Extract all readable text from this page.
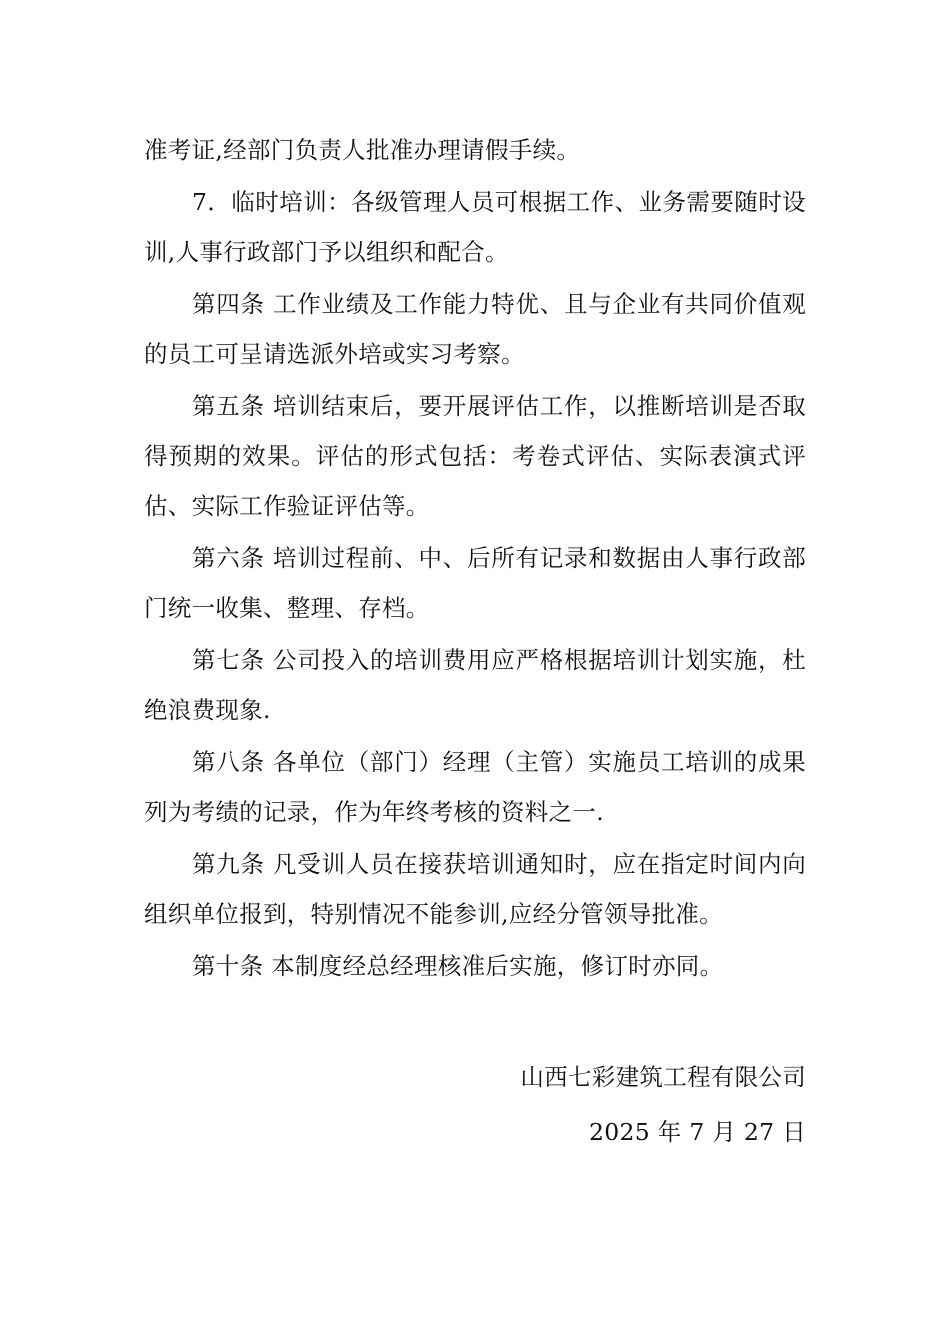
准考证,经部门负责人批准办理请假手续。

7．临时培训：各级管理人员可根据工作、业务需要随时设训,人事行政部门予以组织和配合。

第四条 工作业绩及工作能力特优、且与企业有共同价值观的员工可呈请选派外培或实习考察。

第五条 培训结束后，要开展评估工作，以推断培训是否取得预期的效果。评估的形式包括：考卷式评估、实际表演式评估、实际工作验证评估等。

第六条 培训过程前、中、后所有记录和数据由人事行政部门统一收集、整理、存档。

第七条 公司投入的培训费用应严格根据培训计划实施，杜绝浪费现象.

第八条 各单位（部门）经理（主管）实施员工培训的成果列为考绩的记录，作为年终考核的资料之一.

第九条 凡受训人员在接获培训通知时，应在指定时间内向组织单位报到，特别情况不能参训,应经分管领导批准。

第十条 本制度经总经理核准后实施，修订时亦同。

山西七彩建筑工程有限公司
2025 年 7 月 27 日
